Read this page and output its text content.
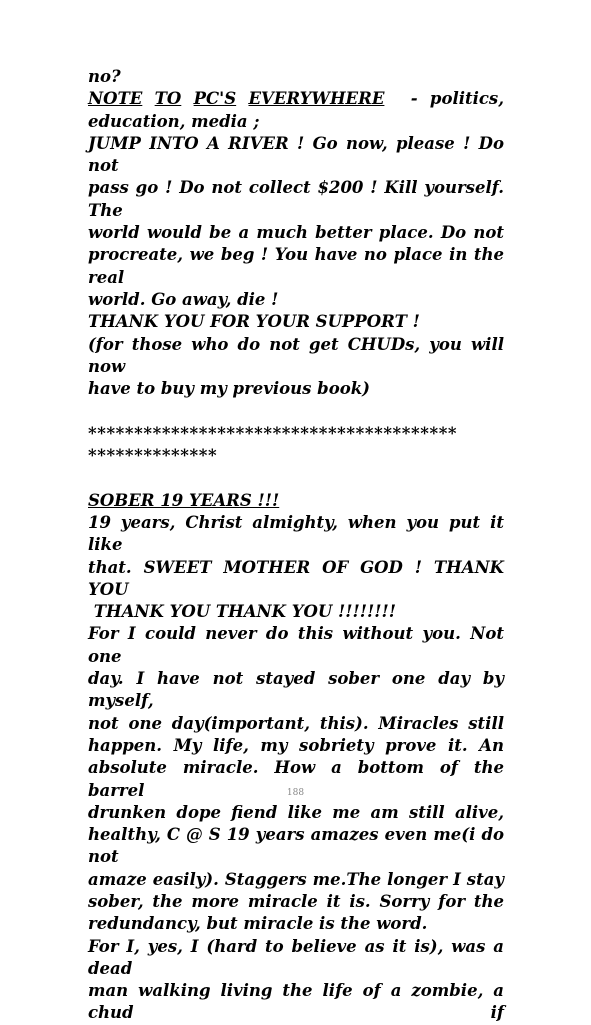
no?
NOTE TO PC'S EVERYWHERE	- politics,
education, media ;
JUMP INTO A RIVER ! Go now, please ! Do not
pass go ! Do not collect $200 ! Kill yourself. The
world would be a much better place. Do not
procreate, we beg ! You have no place in the real
world. Go away, die !
THANK YOU FOR YOUR SUPPORT !
(for those who do not get CHUDs, you will now
have to buy my previous book)
****************************************
**************
SOBER 19 YEARS !!!
19 years, Christ almighty, when you put it like
that. SWEET MOTHER OF GOD ! THANK YOU
THANK YOU THANK YOU !!!!!!!!
For I could never do this without you. Not one
day. I have not stayed sober one day by myself,
not one day(important, this). Miracles still
happen. My life, my sobriety prove it. An
absolute miracle. How a bottom of the barrel
drunken dope fiend like me am still alive,
healthy, C @ S 19 years amazes even me(i do not
amaze easily). Staggers me.The longer I stay
sober, the more miracle it is. Sorry for the
redundancy, but miracle is the word.
For I, yes, I (hard to believe as it is), was a dead
man walking living the life of a zombie, a chud if
188
